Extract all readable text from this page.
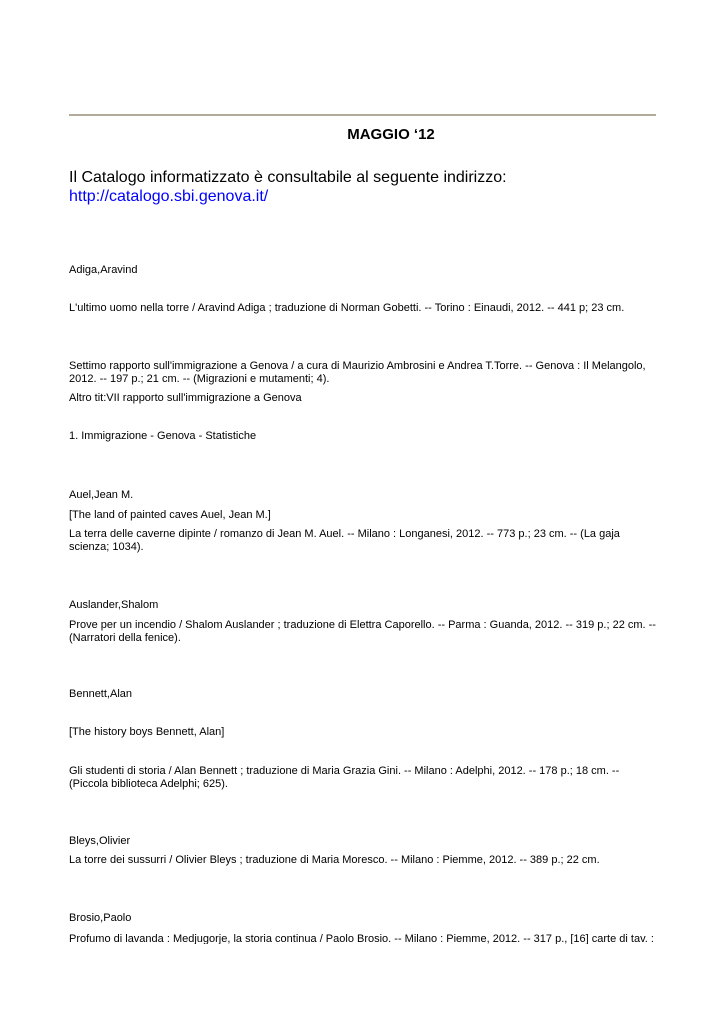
MAGGIO ‘12
Il Catalogo informatizzato è consultabile al seguente indirizzo:
http://catalogo.sbi.genova.it/
Adiga,Aravind
L'ultimo uomo nella torre / Aravind Adiga ; traduzione di Norman Gobetti. -- Torino : Einaudi, 2012. -- 441 p; 23 cm.
Settimo rapporto sull'immigrazione a Genova / a cura di Maurizio Ambrosini e Andrea T.Torre. -- Genova : Il Melangolo, 2012. -- 197 p.; 21 cm. -- (Migrazioni e mutamenti; 4).
Altro tit:VII rapporto sull'immigrazione a Genova
1. Immigrazione - Genova - Statistiche
Auel,Jean M.
[The land of painted caves Auel, Jean M.]
La terra delle caverne dipinte / romanzo di Jean M. Auel. -- Milano : Longanesi, 2012. -- 773 p.; 23 cm. -- (La gaja scienza; 1034).
Auslander,Shalom
Prove per un incendio / Shalom Auslander ; traduzione di Elettra Caporello. -- Parma : Guanda, 2012. -- 319 p.; 22 cm. -- (Narratori della fenice).
Bennett,Alan
[The history boys Bennett, Alan]
Gli studenti di storia / Alan Bennett ; traduzione di Maria Grazia Gini. -- Milano : Adelphi, 2012. -- 178 p.; 18 cm. -- (Piccola biblioteca Adelphi; 625).
Bleys,Olivier
La torre dei sussurri / Olivier Bleys ; traduzione di Maria Moresco. -- Milano : Piemme, 2012. -- 389 p.; 22 cm.
Brosio,Paolo
Profumo di lavanda : Medjugorje, la storia continua / Paolo Brosio. -- Milano : Piemme, 2012. -- 317 p., [16] carte di tav. :
